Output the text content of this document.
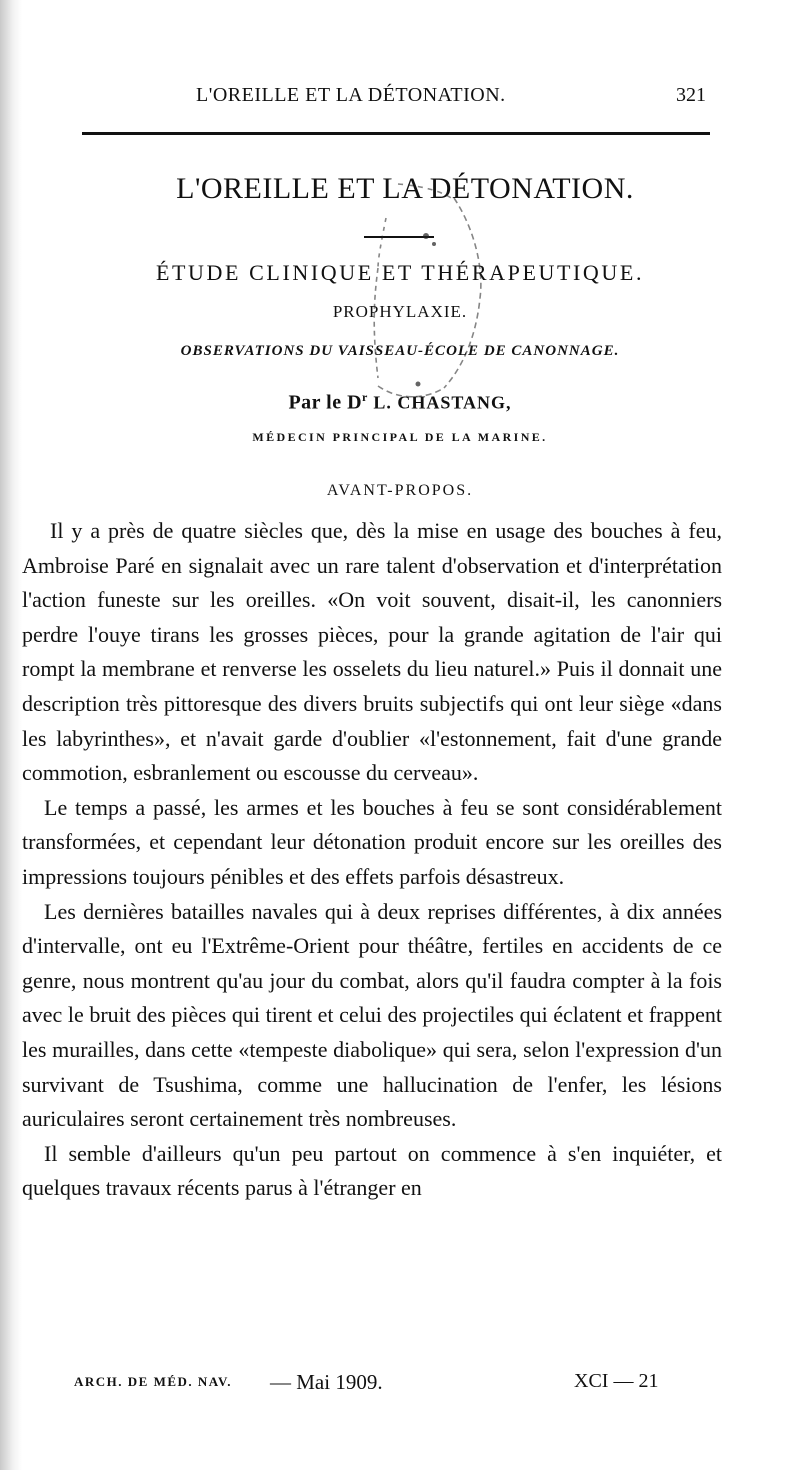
L'OREILLE ET LA DÉTONATION.	321
L'OREILLE ET LA DÉTONATION.
ÉTUDE CLINIQUE ET THÉRAPEUTIQUE.
PROPHYLAXIE.
OBSERVATIONS DU VAISSEAU-ÉCOLE DE CANONNAGE.
Par le $D^r$ L. CHASTANG,
MÉDECIN PRINCIPAL DE LA MARINE.
AVANT-PROPOS.

Il y a près de quatre siècles que, dès la mise en usage des bouches à feu, Ambroise Paré en signalait avec un rare talent d'observation et d'interprétation l'action funeste sur les oreilles. «On voit souvent, disait-il, les canonniers perdre l'ouye tirans les grosses pièces, pour la grande agitation de l'air qui rompt la membrane et renverse les osselets du lieu naturel.» Puis il donnait une description très pittoresque des divers bruits subjectifs qui ont leur siège «dans les labyrinthes», et n'avait garde d'oublier «l'estonnement, fait d'une grande commotion, esbranlement ou escousse du cerveau».

Le temps a passé, les armes et les bouches à feu se sont considérablement transformées, et cependant leur détonation produit encore sur les oreilles des impressions toujours pénibles et des effets parfois désastreux.

Les dernières batailles navales qui à deux reprises différentes, à dix années d'intervalle, ont eu l'Extrême-Orient pour théâtre, fertiles en accidents de ce genre, nous montrent qu'au jour du combat, alors qu'il faudra compter à la fois avec le bruit des pièces qui tirent et celui des projectiles qui éclatent et frappent les murailles, dans cette «tempeste diabolique» qui sera, selon l'expression d'un survivant de Tsushima, comme une hallucination de l'enfer, les lésions auriculaires seront certainement très nombreuses.

Il semble d'ailleurs qu'un peu partout on commence à s'en inquiéter, et quelques travaux récents parus à l'étranger en

ARCH. DE MÉD. NAV. — Mai 1909.	XCI — 21
